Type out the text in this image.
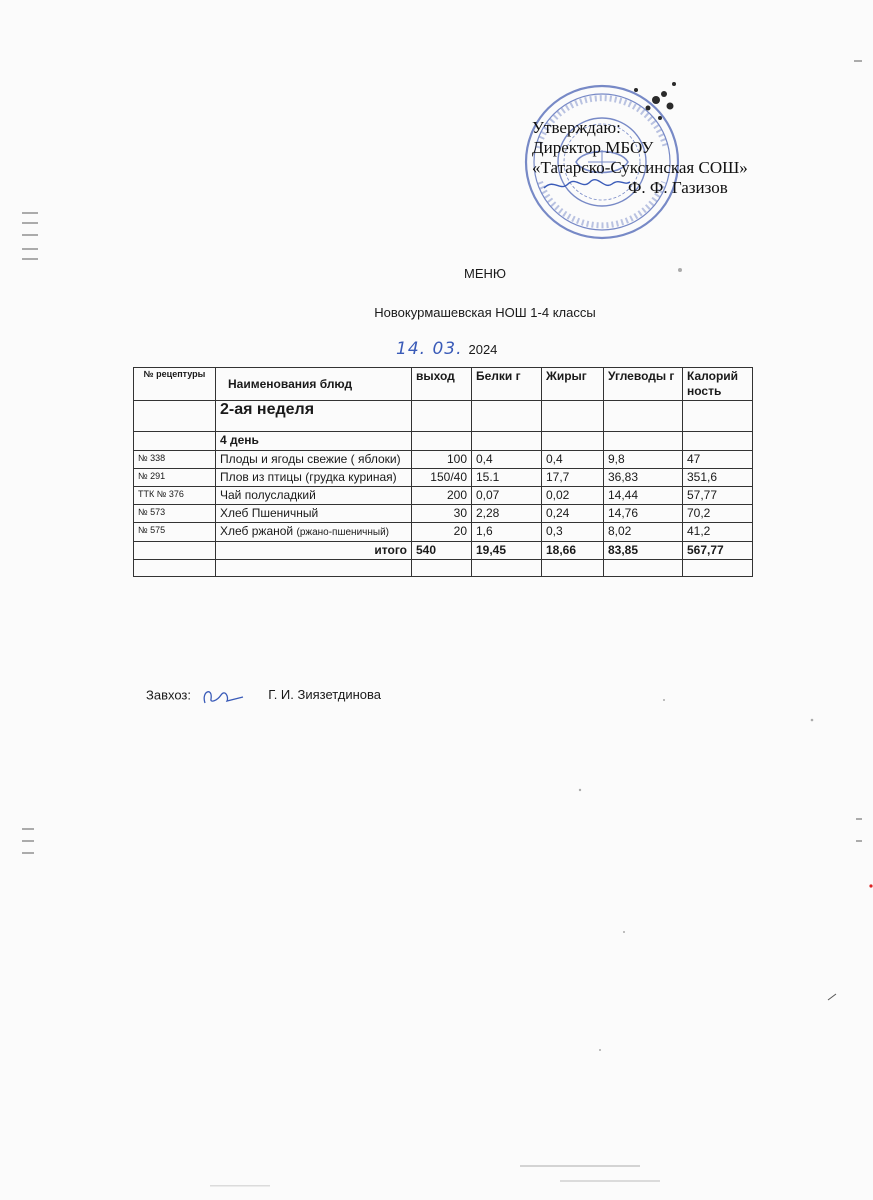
Утверждаю:
Директор МБОУ
«Татарско-Суксинская СОШ»
Ф. Ф. Газизов
МЕНЮ
Новокурмашевская НОШ 1-4 классы
14. 03. 2024
№ рецептуры	Наименования блюд	выход	Белки г	Жирыг	Углеводы г	Калорий ность
	2-ая неделя					
	4 день					
№ 338	Плоды и ягоды свежие ( яблоки)	100	0,4	0,4	9,8	47
№ 291	Плов из птицы (грудка куриная)	150/40	15.1	17,7	36,83	351,6
ТТК № 376	Чай полусладкий	200	0,07	0,02	14,44	57,77
№ 573	Хлеб Пшеничный	30	2,28	0,24	14,76	70,2
№ 575	Хлеб ржаной (ржано-пшеничный)	20	1,6	0,3	8,02	41,2
	итого	540	19,45	18,66	83,85	567,77

Завхоз:	Г. И. Зиязетдинова
